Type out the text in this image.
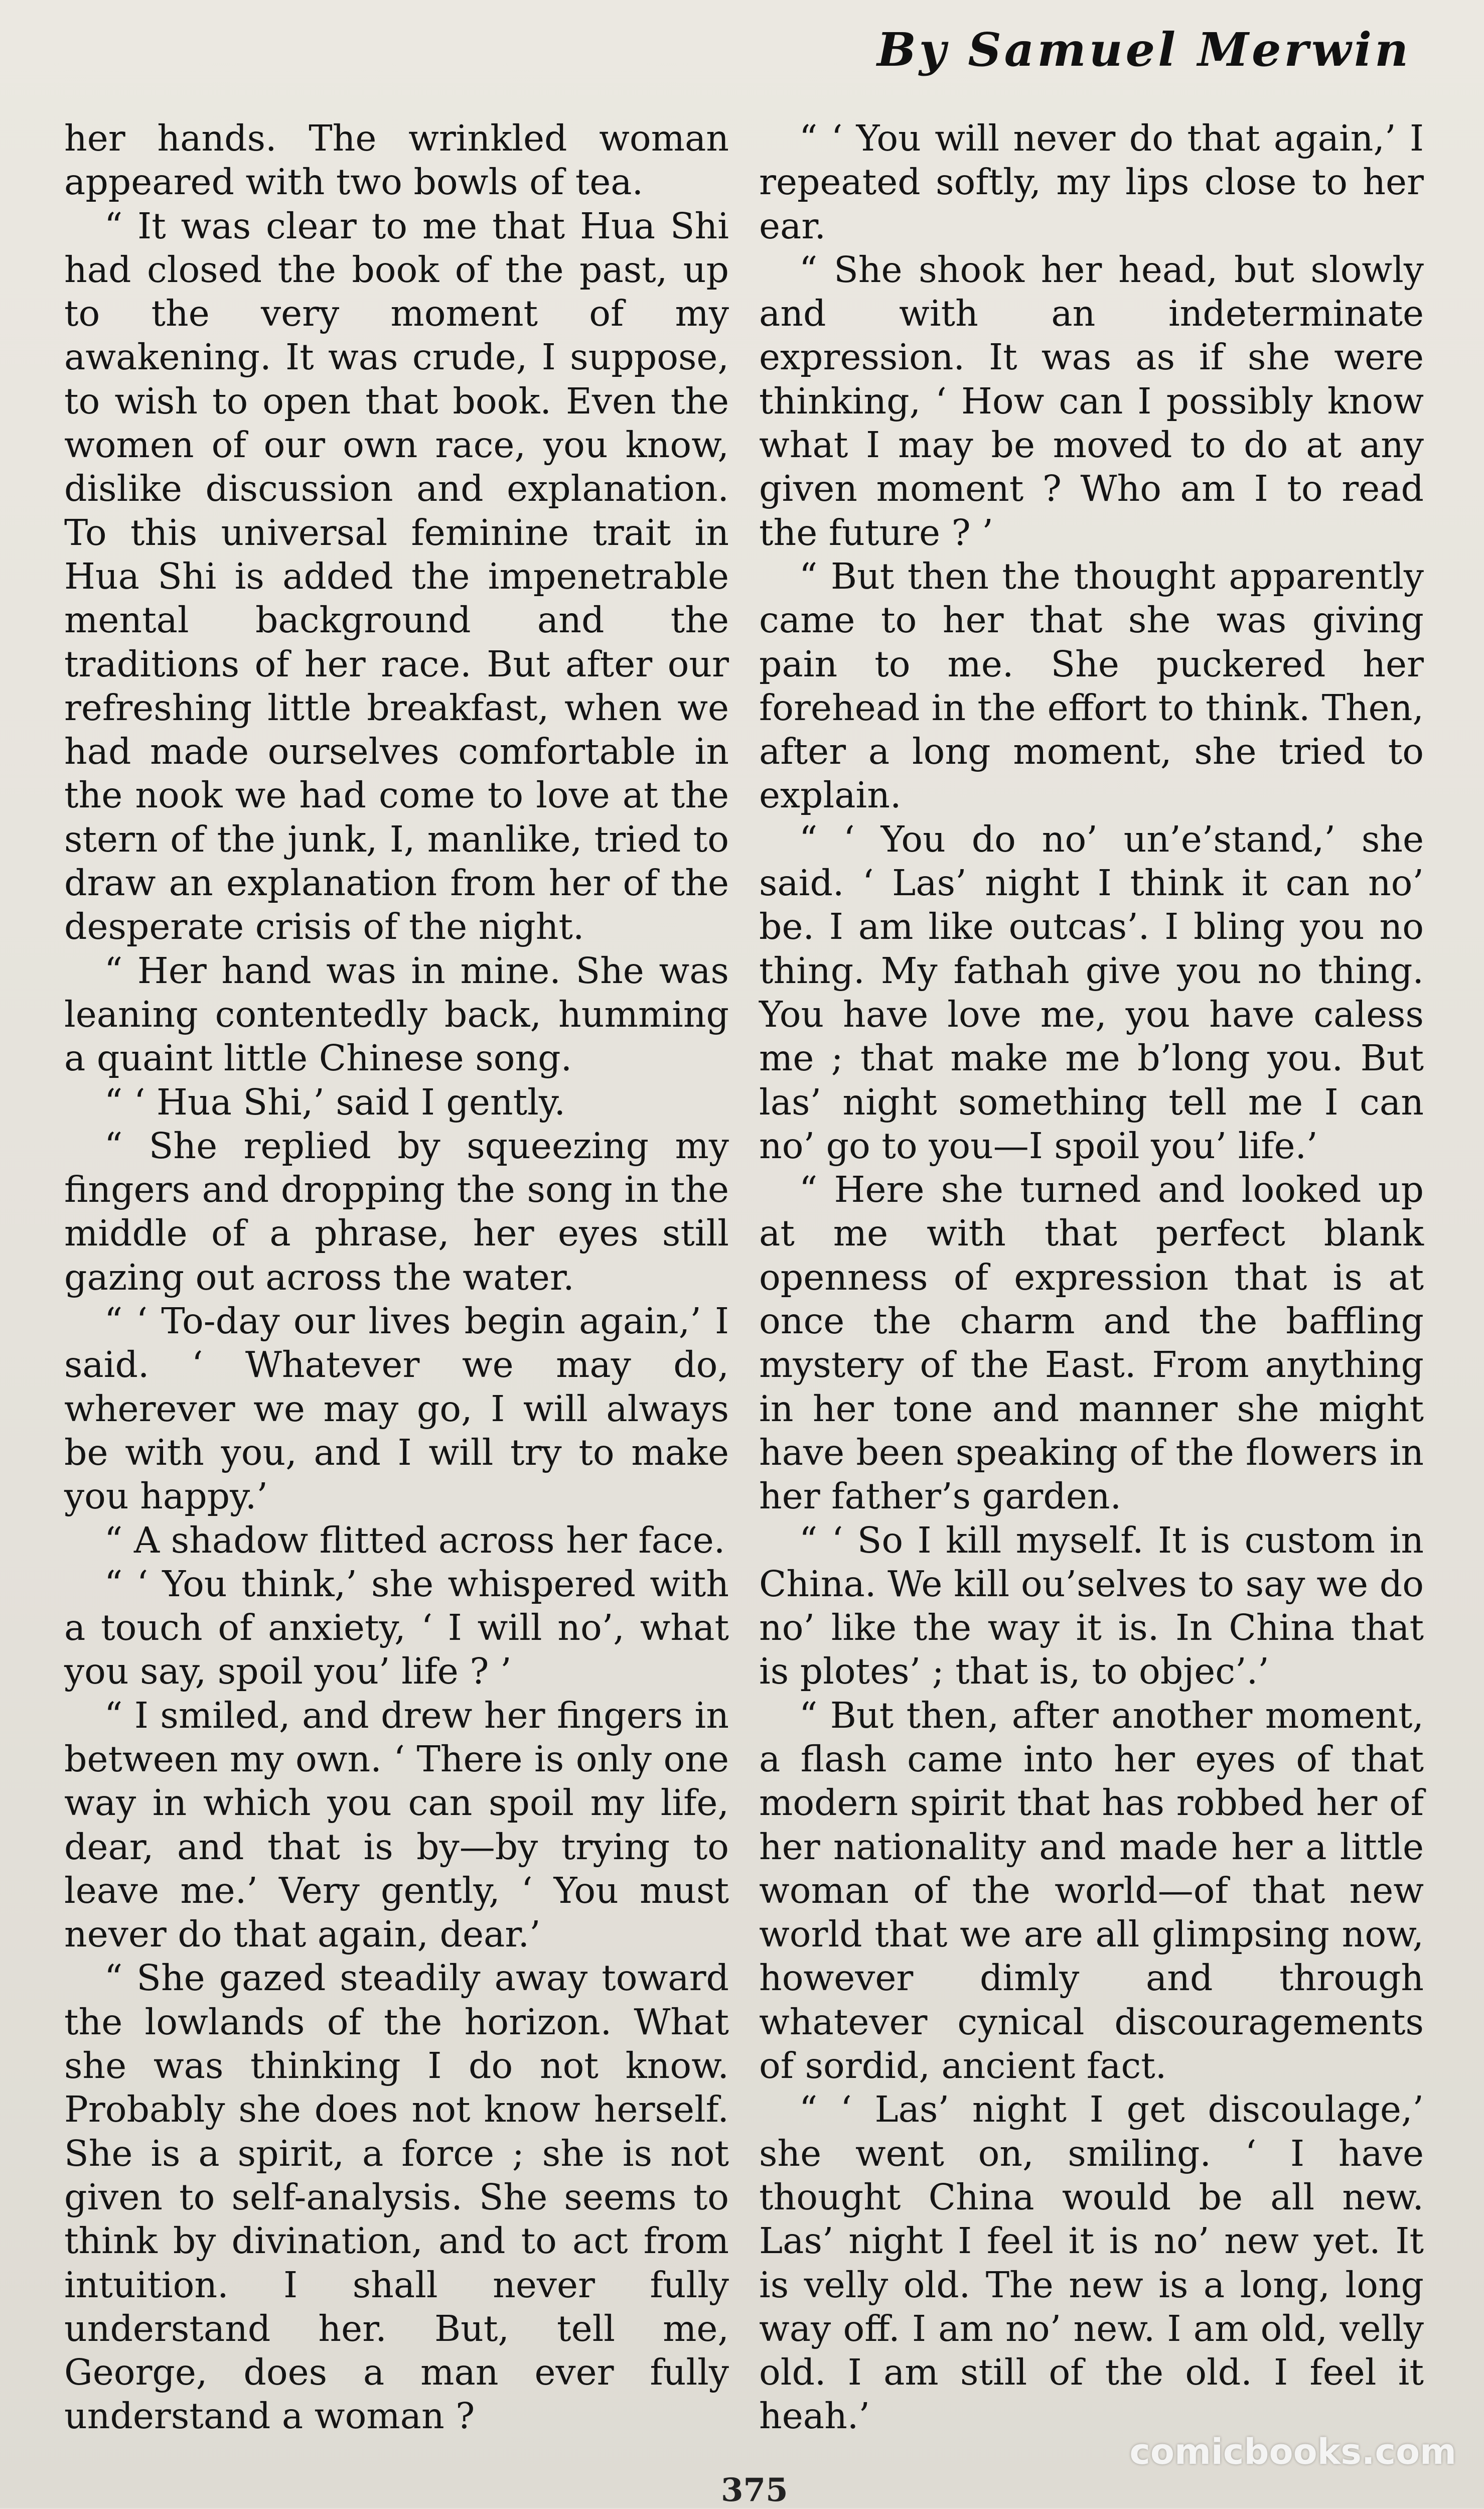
By Samuel Merwin

her hands. The wrinkled woman appeared with two bowls of tea.

“ It was clear to me that Hua Shi had closed the book of the past, up to the very moment of my awakening. It was crude, I suppose, to wish to open that book. Even the women of our own race, you know, dislike discussion and explanation. To this universal feminine trait in Hua Shi is added the impenetrable mental background and the traditions of her race. But after our refreshing little breakfast, when we had made ourselves comfortable in the nook we had come to love at the stern of the junk, I, manlike, tried to draw an explanation from her of the desperate crisis of the night.

“ Her hand was in mine. She was leaning contentedly back, humming a quaint little Chinese song.

“ ‘ Hua Shi,’ said I gently.

“ She replied by squeezing my fingers and dropping the song in the middle of a phrase, her eyes still gazing out across the water.

“ ‘ To-day our lives begin again,’ I said. ‘ Whatever we may do, wherever we may go, I will always be with you, and I will try to make you happy.’

“ A shadow flitted across her face.

“ ‘ You think,’ she whispered with a touch of anxiety, ‘ I will no’, what you say, spoil you’ life ? ’

“ I smiled, and drew her fingers in between my own. ‘ There is only one way in which you can spoil my life, dear, and that is by—by trying to leave me.’ Very gently, ‘ You must never do that again, dear.’

“ She gazed steadily away toward the lowlands of the horizon. What she was thinking I do not know. Probably she does not know herself. She is a spirit, a force ; she is not given to self-analysis. She seems to think by divination, and to act from intuition. I shall never fully understand her. But, tell me, George, does a man ever fully understand a woman ?

“ ‘ You will never do that again,’ I repeated softly, my lips close to her ear.

“ She shook her head, but slowly and with an indeterminate expression. It was as if she were thinking, ‘ How can I possibly know what I may be moved to do at any given moment ? Who am I to read the future ? ’

“ But then the thought apparently came to her that she was giving pain to me. She puckered her forehead in the effort to think. Then, after a long moment, she tried to explain.

“ ‘ You do no’ un’e’stand,’ she said. ‘ Las’ night I think it can no’ be. I am like outcas’. I bling you no thing. My fathah give you no thing. You have love me, you have caless me ; that make me b’long you. But las’ night something tell me I can no’ go to you—I spoil you’ life.’

“ Here she turned and looked up at me with that perfect blank openness of expression that is at once the charm and the baffling mystery of the East. From anything in her tone and manner she might have been speaking of the flowers in her father’s garden.

“ ‘ So I kill myself. It is custom in China. We kill ou’selves to say we do no’ like the way it is. In China that is plotes’ ; that is, to objec’.’

“ But then, after another moment, a flash came into her eyes of that modern spirit that has robbed her of her nationality and made her a little woman of the world—of that new world that we are all glimpsing now, however dimly and through whatever cynical discouragements of sordid, ancient fact.

“ ‘ Las’ night I get discoulage,’ she went on, smiling. ‘ I have thought China would be all new. Las’ night I feel it is no’ new yet. It is velly old. The new is a long, long way off. I am no’ new. I am old, velly old. I am still of the old. I feel it heah.’

375
comicbooks.com
